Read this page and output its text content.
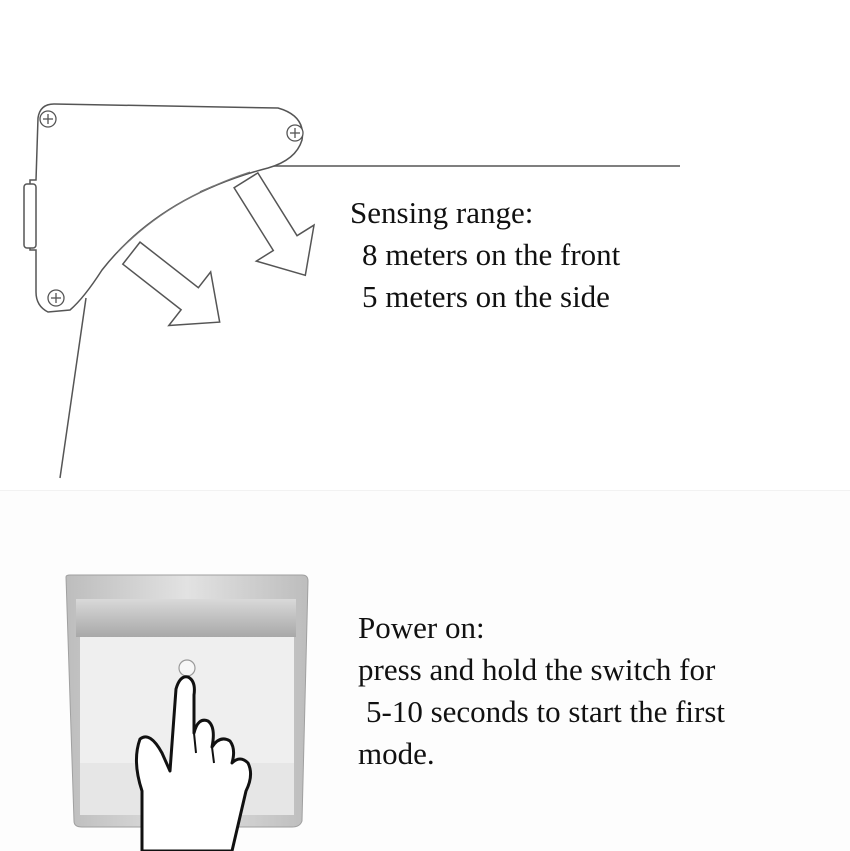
Sensing range:
8 meters on the front
5 meters on the side
Power on:
press and hold the switch for
5-10 seconds to start the first
mode.
